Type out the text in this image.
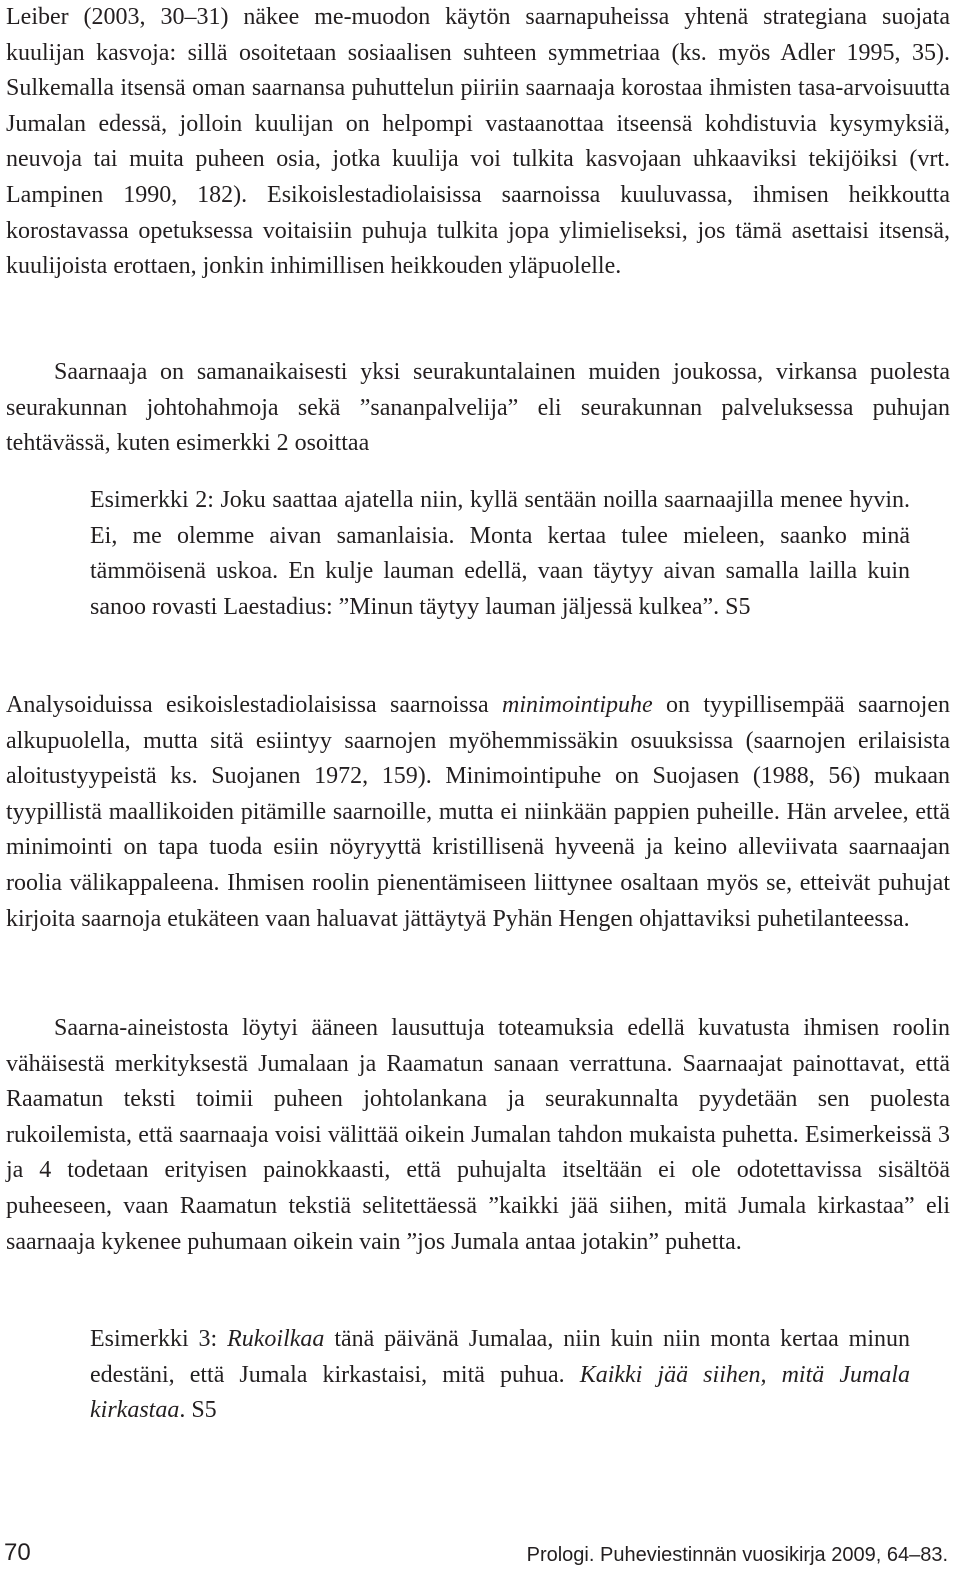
Leiber (2003, 30–31) näkee me-muodon käytön saarnapuheissa yhtenä strategiana suojata kuulijan kasvoja: sillä osoitetaan sosiaalisen suhteen symmetriaa (ks. myös Adler 1995, 35). Sulkemalla itsensä oman saarnansa puhuttelun piiriin saarnaaja korostaa ihmisten tasa-arvoisuutta Jumalan edessä, jolloin kuulijan on helpompi vastaanottaa itseensä kohdistuvia kysymyksiä, neuvoja tai muita puheen osia, jotka kuulija voi tulkita kasvojaan uhkaaviksi tekijöiksi (vrt. Lampinen 1990, 182). Esikoislestadiolaisissa saarnoissa kuuluvassa, ihmisen heikkoutta korostavassa opetuksessa voitaisiin puhuja tulkita jopa ylimieliseksi, jos tämä asettaisi itsensä, kuulijoista erottaen, jonkin inhimillisen heikkouden yläpuolelle.

Saarnaaja on samanaikaisesti yksi seurakuntalainen muiden joukossa, virkansa puolesta seurakunnan johtohahmoja sekä ”sananpalvelija” eli seurakunnan palveluksessa puhujan tehtävässä, kuten esimerkki 2 osoittaa

Esimerkki 2: Joku saattaa ajatella niin, kyllä sentään noilla saarnaajilla menee hyvin. Ei, me olemme aivan samanlaisia. Monta kertaa tulee mieleen, saanko minä tämmöisenä uskoa. En kulje lauman edellä, vaan täytyy aivan samalla lailla kuin sanoo rovasti Laestadius: ”Minun täytyy lauman jäljessä kulkea”. S5

Analysoiduissa esikoislestadiolaisissa saarnoissa minimointipuhe on tyypillisempää saarnojen alkupuolella, mutta sitä esiintyy saarnojen myöhemmissäkin osuuksissa (saarnojen erilaisista aloitustyypeistä ks. Suojanen 1972, 159). Minimointipuhe on Suojasen (1988, 56) mukaan tyypillistä maallikoiden pitämille saarnoille, mutta ei niinkään pappien puheille. Hän arvelee, että minimointi on tapa tuoda esiin nöyryyttä kristillisenä hyveenä ja keino alleviivata saarnaajan roolia välikappaleena. Ihmisen roolin pienentämiseen liittynee osaltaan myös se, etteivät puhujat kirjoita saarnoja etukäteen vaan haluavat jättäytyä Pyhän Hengen ohjattaviksi puhetilanteessa.

Saarna-aineistosta löytyi ääneen lausuttuja toteamuksia edellä kuvatusta ihmisen roolin vähäisestä merkityksestä Jumalaan ja Raamatun sanaan verrattuna. Saarnaajat painottavat, että Raamatun teksti toimii puheen johtolankana ja seurakunnalta pyydetään sen puolesta rukoilemista, että saarnaaja voisi välittää oikein Jumalan tahdon mukaista puhetta. Esimerkeissä 3 ja 4 todetaan erityisen painokkaasti, että puhujalta itseltään ei ole odotettavissa sisältöä puheeseen, vaan Raamatun tekstiä selitettäessä ”kaikki jää siihen, mitä Jumala kirkastaa” eli saarnaaja kykenee puhumaan oikein vain ”jos Jumala antaa jotakin” puhetta.

Esimerkki 3: Rukoilkaa tänä päivänä Jumalaa, niin kuin niin monta kertaa minun edestäni, että Jumala kirkastaisi, mitä puhua. Kaikki jää siihen, mitä Jumala kirkastaa. S5

70	Prologi. Puheviestinnän vuosikirja 2009, 64–83.
